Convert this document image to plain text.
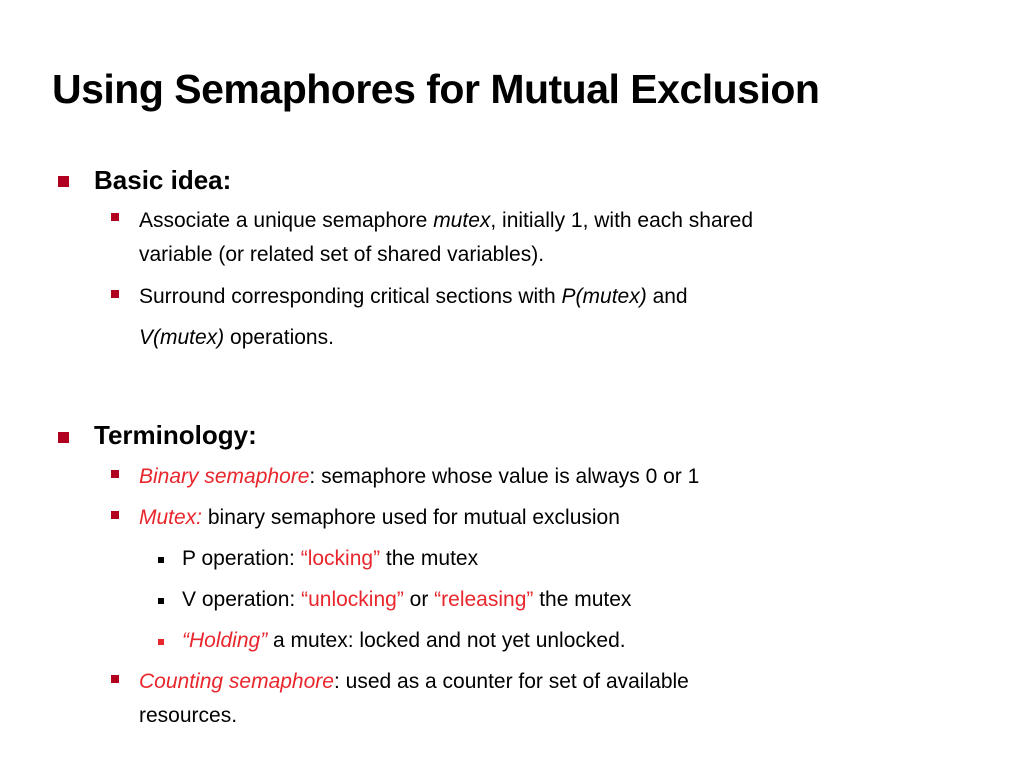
Using Semaphores for Mutual Exclusion
Basic idea:
Associate a unique semaphore mutex, initially 1, with each shared
variable (or related set of shared variables).
Surround corresponding critical sections with P(mutex) and
V(mutex) operations.
Terminology:
Binary semaphore: semaphore whose value is always 0 or 1
Mutex: binary semaphore used for mutual exclusion
P operation: “locking” the mutex
V operation: “unlocking” or “releasing” the mutex
“Holding” a mutex: locked and not yet unlocked.
Counting semaphore: used as a counter for set of available
resources.
